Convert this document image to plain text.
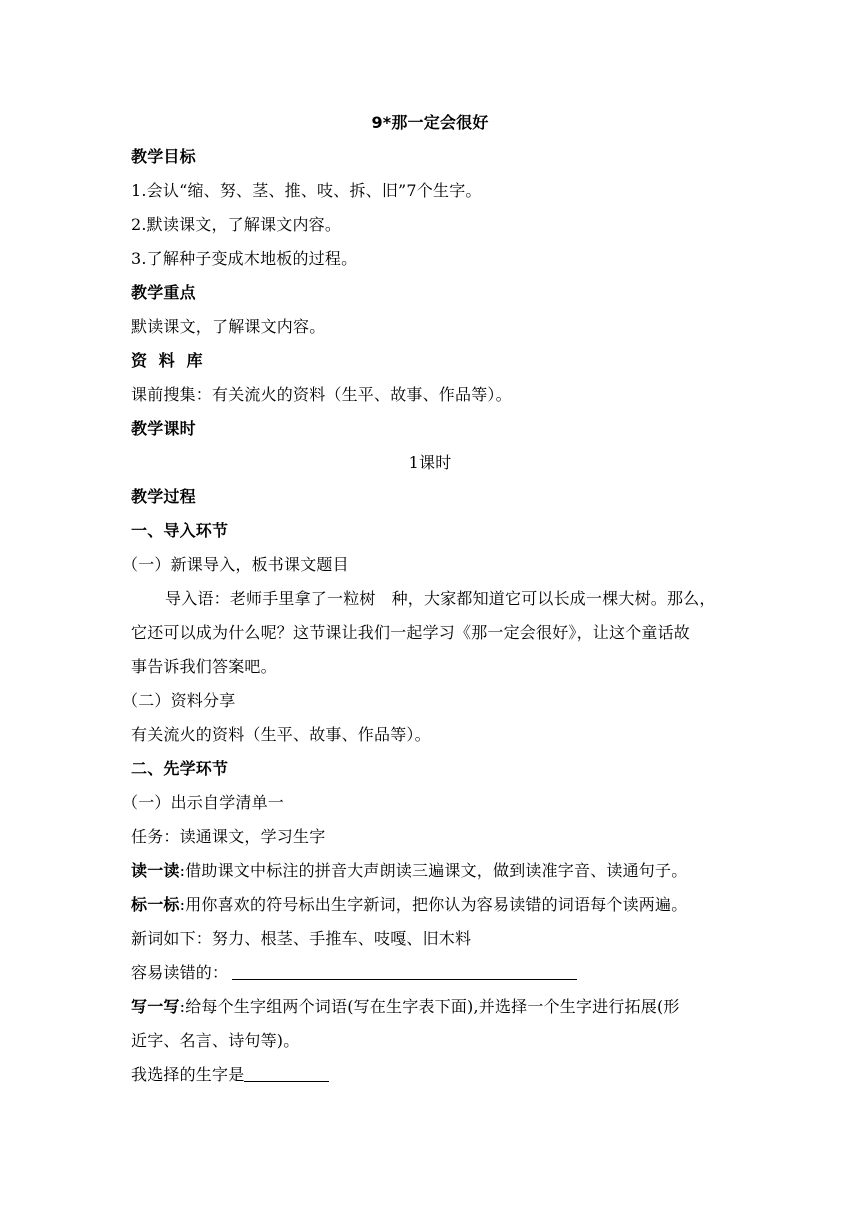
9*那一定会很好
教学目标
1.会认“缩、努、茎、推、吱、拆、旧”7个生字。
2.默读课文，了解课文内容。
3.了解种子变成木地板的过程。
教学重点
默读课文，了解课文内容。
资  料  库
课前搜集：有关流火的资料（生平、故事、作品等）。
教学课时
1课时
教学过程
一、导入环节
（一）新课导入，板书课文题目
导入语：老师手里拿了一粒树 种，大家都知道它可以长成一棵大树。那么，
它还可以成为什么呢？这节课让我们一起学习《那一定会很好》，让这个童话故
事告诉我们答案吧。
（二）资料分享
有关流火的资料（生平、故事、作品等）。
二、先学环节
（一）出示自学清单一
任务：读通课文，学习生字
读一读:借助课文中标注的拼音大声朗读三遍课文，做到读准字音、读通句子。
标一标:用你喜欢的符号标出生字新词，把你认为容易读错的词语每个读两遍。
新词如下：努力、根茎、手推车、吱嘎、旧木料
容易读错的：
写一写:给每个生字组两个词语(写在生字表下面),并选择一个生字进行拓展(形
近字、名言、诗句等)。
我选择的生字是
